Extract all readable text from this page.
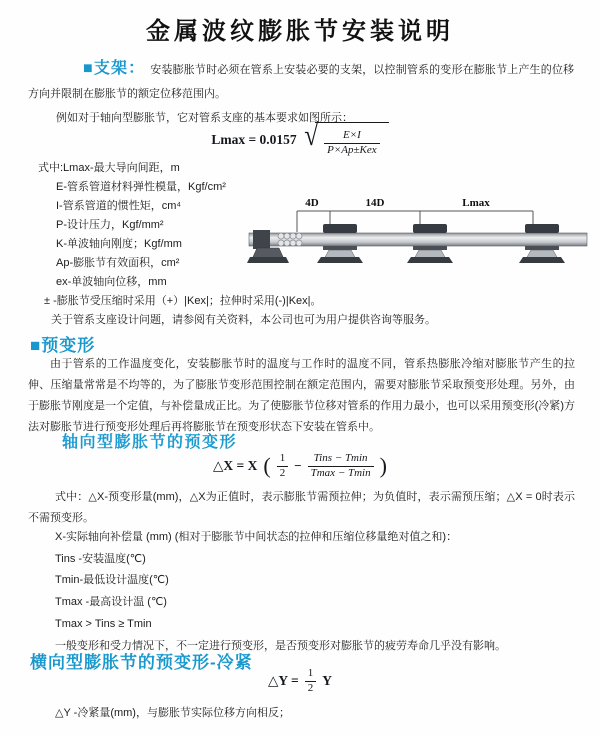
金属波纹膨胀节安装说明
■支架： 安装膨胀节时必须在管系上安装必要的支架，以控制管系的变形在膨胀节上产生的位移方向并限制在膨胀节的额定位移范围内。
例如对于轴向型膨胀节，它对管系支座的基本要求如图所示：
Lmax = 0.0157 √ $\frac{E\times I}{\text{P×Ap±Kex}}$
式中:Lmax-最大导向间距，m
E-管系管道材料弹性模量，Kgf/cm²
I-管系管道的惯性矩，cm⁴
P-设计压力，Kgf/mm²
K-单波轴向刚度；Kgf/mm
Ap-膨胀节有效面积，cm²
ex-单波轴向位移，mm
± -膨胀节受压缩时采用（+）|Kex|；拉伸时采用(-)|Kex|。
关于管系支座设计问题，请参阅有关资料，本公司也可为用户提供咨询等服务。
4D	14D	Lmax
■预变形
由于管系的工作温度变化，安装膨胀节时的温度与工作时的温度不同，管系热膨胀冷缩对膨胀节产生的拉伸、压缩量常常是不均等的，为了膨胀节变形范围控制在额定范围内，需要对膨胀节采取预变形处理。另外，由于膨胀节刚度是一个定值，与补偿量成正比。为了使膨胀节位移对管系的作用力最小，也可以采用预变形(冷紧)方法对膨胀节进行预变形处理后再将膨胀节在预变形状态下安装在管系中。
轴向型膨胀节的预变形
△X = X ( $\frac{1}{2} - \frac{\text{Tins − Tmin}}{Tmax - Tmin}$ )
式中：△X-预变形量(mm)，△X为正值时，表示膨胀节需预拉伸；为负值时，表示需预压缩；△X = 0时表示不需预变形。
X-实际轴向补偿量 (mm) (相对于膨胀节中间状态的拉伸和压缩位移量绝对值之和)：
Tins -安装温度(℃)
Tmin-最低设计温度(℃)
Tmax -最高设计温 (℃)
Tmax > Tins ≥ Tmin
一般变形和受力情况下，不一定进行预变形，是否预变形对膨胀节的疲劳寿命几乎没有影响。
横向型膨胀节的预变形-冷紧
△Y = $\frac{1}{2}$ Y
△Y -冷紧量(mm)，与膨胀节实际位移方向相反；
